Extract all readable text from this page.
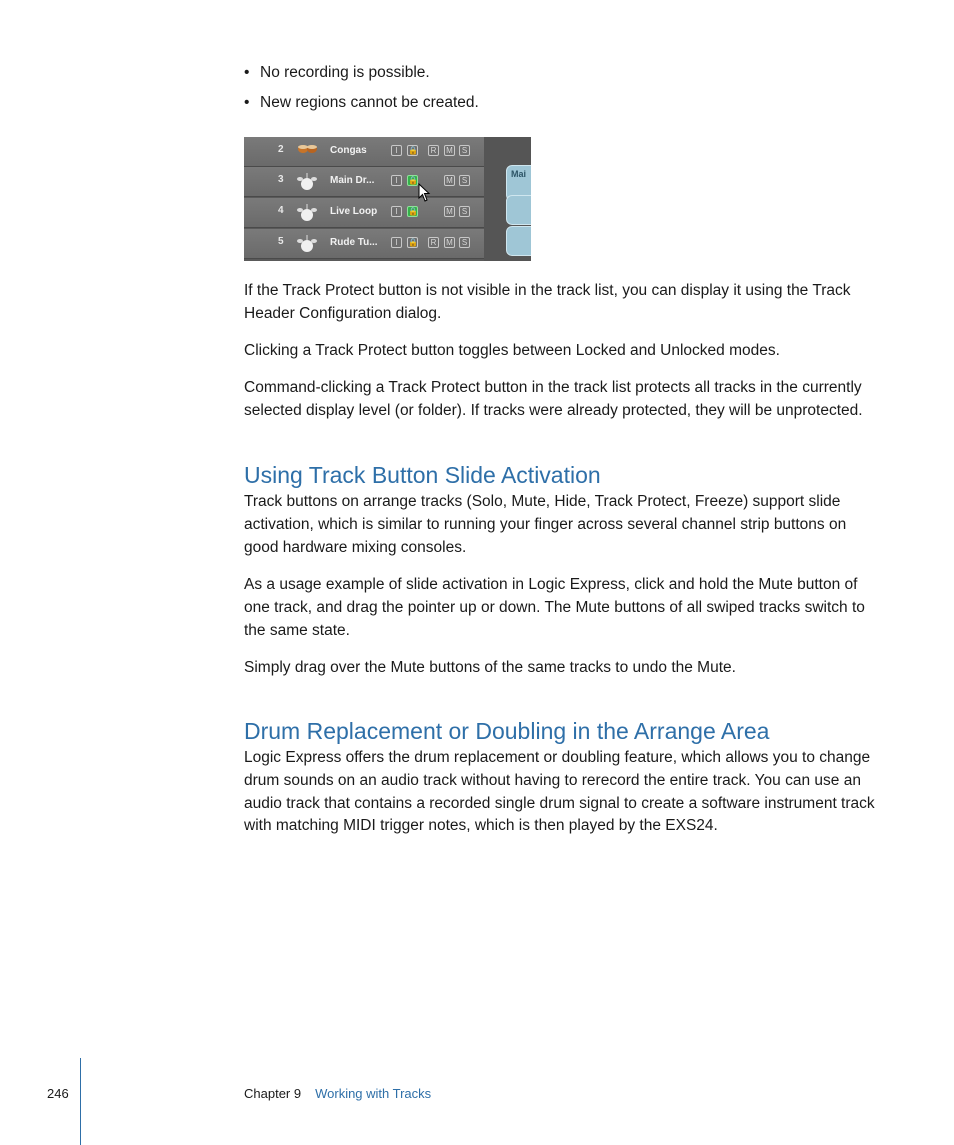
• No recording is possible.
• New regions cannot be created.
2	Congas	I	🔒	R	M	S
3	Main Dr...	I	🔒	M	S
4	Live Loop	I	🔒	M	S
5	Rude Tu...	I	🔒	R	M	S
Mai

If the Track Protect button is not visible in the track list, you can display it using the Track Header Configuration dialog.

Clicking a Track Protect button toggles between Locked and Unlocked modes.

Command-clicking a Track Protect button in the track list protects all tracks in the currently selected display level (or folder). If tracks were already protected, they will be unprotected.

Using Track Button Slide Activation

Track buttons on arrange tracks (Solo, Mute, Hide, Track Protect, Freeze) support slide activation, which is similar to running your finger across several channel strip buttons on good hardware mixing consoles.

As a usage example of slide activation in Logic Express, click and hold the Mute button of one track, and drag the pointer up or down. The Mute buttons of all swiped tracks switch to the same state.

Simply drag over the Mute buttons of the same tracks to undo the Mute.

Drum Replacement or Doubling in the Arrange Area

Logic Express offers the drum replacement or doubling feature, which allows you to change drum sounds on an audio track without having to rerecord the entire track. You can use an audio track that contains a recorded single drum signal to create a software instrument track with matching MIDI trigger notes, which is then played by the EXS24.

246	Chapter 9 Working with Tracks
